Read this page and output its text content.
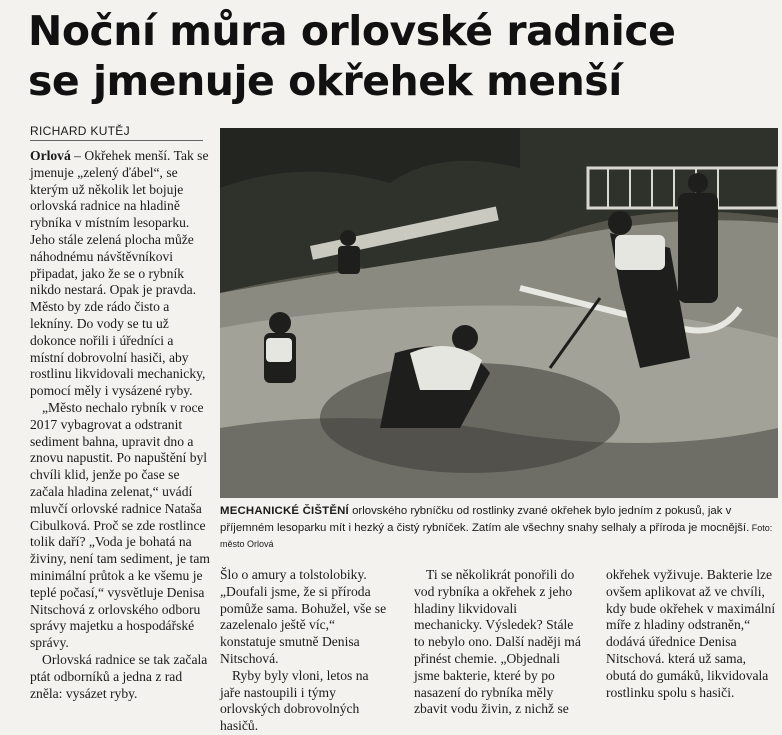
Noční můra orlovské radnice
se jmenuje okřehek menší
RICHARD KUTĚJ

Orlová – Okřehek menší. Tak se jmenuje „zelený ďábel“, se kterým už několik let bojuje orlovská radnice na hladině rybníka v místním lesoparku. Jeho stále zelená plocha může náhodnému návštěvníkovi připadat, jako že se o rybník nikdo nestará. Opak je pravda. Město by zde rádo čisto a lekníny. Do vody se tu už dokonce nořili i úředníci a místní dobrovolní hasiči, aby rostlinu likvidovali mechanicky, pomocí měly i vysázené ryby.

„Město nechalo rybník v roce 2017 vybagrovat a odstranit sediment bahna, upravit dno a znovu napustit. Po napuštění byl chvíli klid, jenže po čase se začala hladina zelenat,“ uvádí mluvčí orlovské radnice Nataša Cibulková. Proč se zde rostlince tolik daří? „Voda je bohatá na živiny, není tam sediment, je tam minimální průtok a ke všemu je teplé počasí,“ vysvětluje Denisa Nitschová z orlovského odboru správy majetku a hospodářské správy.

Orlovská radnice se tak začala ptát odborníků a jedna z rad zněla: vysázet ryby.

MECHANICKÉ ČIŠTĚNÍ orlovského rybníčku od rostlinky zvané okřehek bylo jedním z pokusů, jak v příjemném lesoparku mít i hezký a čistý rybníček. Zatím ale všechny snahy selhaly a příroda je mocnější. Foto: město Orlová

Šlo o amury a tolstolobiky. „Doufali jsme, že si příroda pomůže sama. Bohužel, vše se zazelenalo ještě víc,“ konstatuje smutně Denisa Nitschová.

Ryby byly vloni, letos na jaře nastoupili i týmy orlovských dobrovolných hasičů.

Ti se několikrát ponořili do vod rybníka a okřehek z jeho hladiny likvidovali mechanicky. Výsledek? Stále to nebylo ono. Další naději má přinést chemie. „Objednali jsme bakterie, které by po nasazení do rybníka měly zbavit vodu živin, z nichž se

okřehek vyživuje. Bakterie lze ovšem aplikovat až ve chvíli, kdy bude okřehek v maximální míře z hladiny odstraněn,“ dodává úřednice Denisa Nitschová. která už sama, obutá do gumáků, likvidovala rostlinku spolu s hasiči.
